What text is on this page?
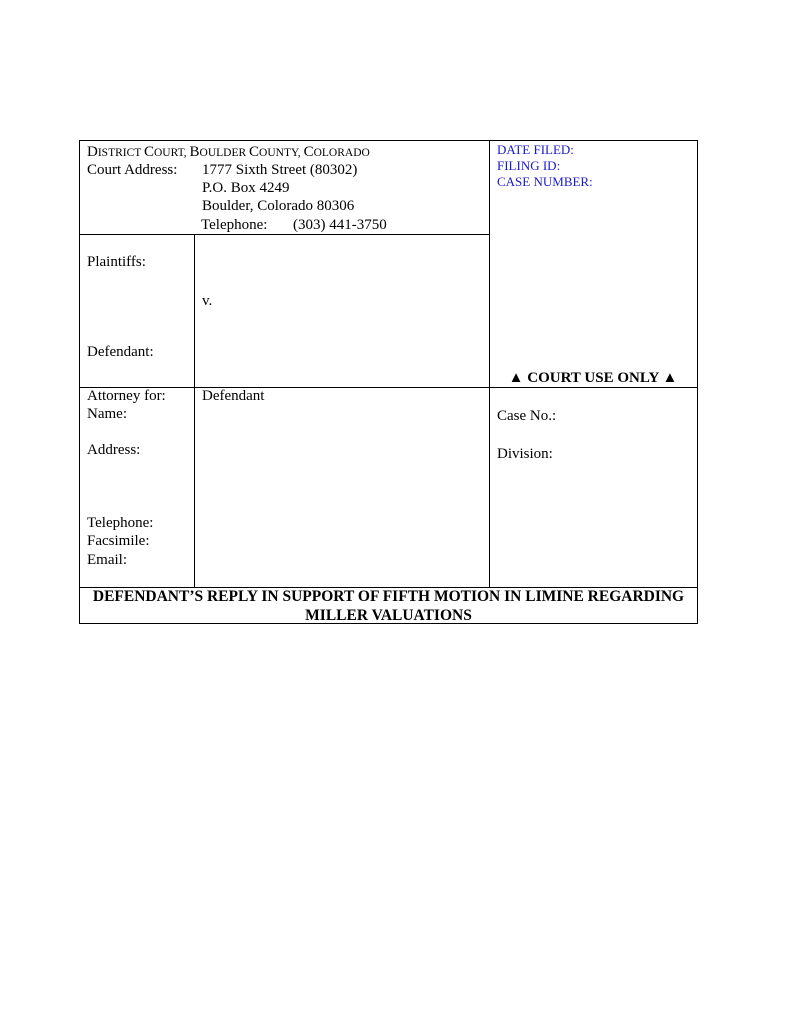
DISTRICT COURT, BOULDER COUNTY, COLORADO
Court Address: 1777 Sixth Street (80302)
P.O. Box 4249
Boulder, Colorado 80306
Telephone: (303) 441-3750
DATE FILED:
FILING ID:
CASE NUMBER:
Plaintiffs:
v.
Defendant:
▲ COURT USE ONLY ▲
Attorney for: Defendant
Name:
Address:
Telephone:
Facsimile:
Email:
Case No.:
Division:
DEFENDANT’S REPLY IN SUPPORT OF FIFTH MOTION IN LIMINE REGARDING
MILLER VALUATIONS
